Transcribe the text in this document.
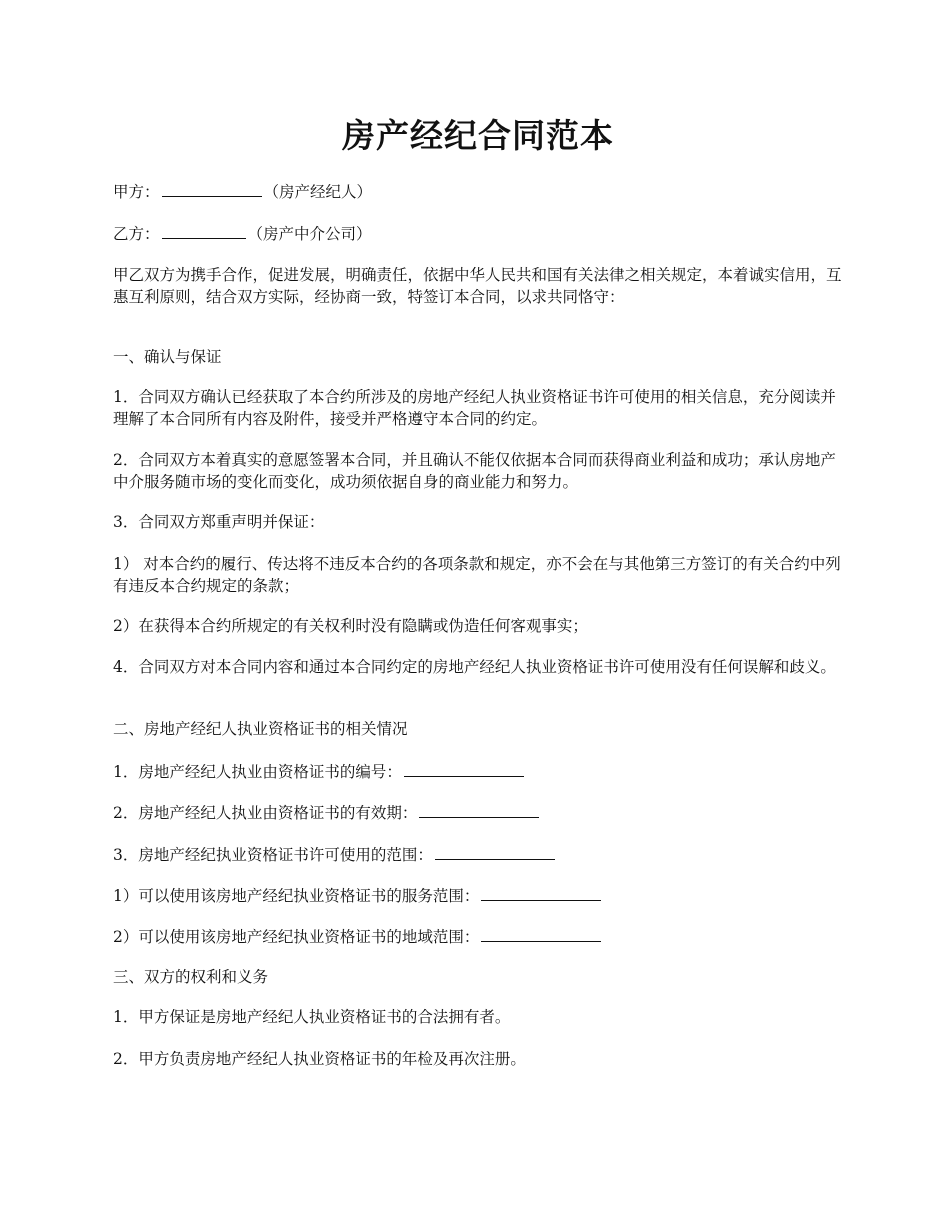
房产经纪合同范本

甲方：	（房产经纪人）

乙方：	（房产中介公司）

甲乙双方为携手合作，促进发展，明确责任，依据中华人民共和国有关法律之相关规定，本着诚实信用，互惠互利原则，结合双方实际，经协商一致，特签订本合同，以求共同恪守：

一、确认与保证

1．合同双方确认已经获取了本合约所涉及的房地产经纪人执业资格证书许可使用的相关信息，充分阅读并理解了本合同所有内容及附件，接受并严格遵守本合同的约定。

2．合同双方本着真实的意愿签署本合同，并且确认不能仅依据本合同而获得商业利益和成功；承认房地产中介服务随市场的变化而变化，成功须依据自身的商业能力和努力。

3．合同双方郑重声明并保证：

1） 对本合约的履行、传达将不违反本合约的各项条款和规定，亦不会在与其他第三方签订的有关合约中列有违反本合约规定的条款；

2）在获得本合约所规定的有关权利时没有隐瞒或伪造任何客观事实；

4．合同双方对本合同内容和通过本合同约定的房地产经纪人执业资格证书许可使用没有任何误解和歧义。

二、房地产经纪人执业资格证书的相关情况

1．房地产经纪人执业由资格证书的编号：

2．房地产经纪人执业由资格证书的有效期：

3．房地产经纪执业资格证书许可使用的范围：

1）可以使用该房地产经纪执业资格证书的服务范围：

2）可以使用该房地产经纪执业资格证书的地域范围：

三、双方的权利和义务

1．甲方保证是房地产经纪人执业资格证书的合法拥有者。

2．甲方负责房地产经纪人执业资格证书的年检及再次注册。
